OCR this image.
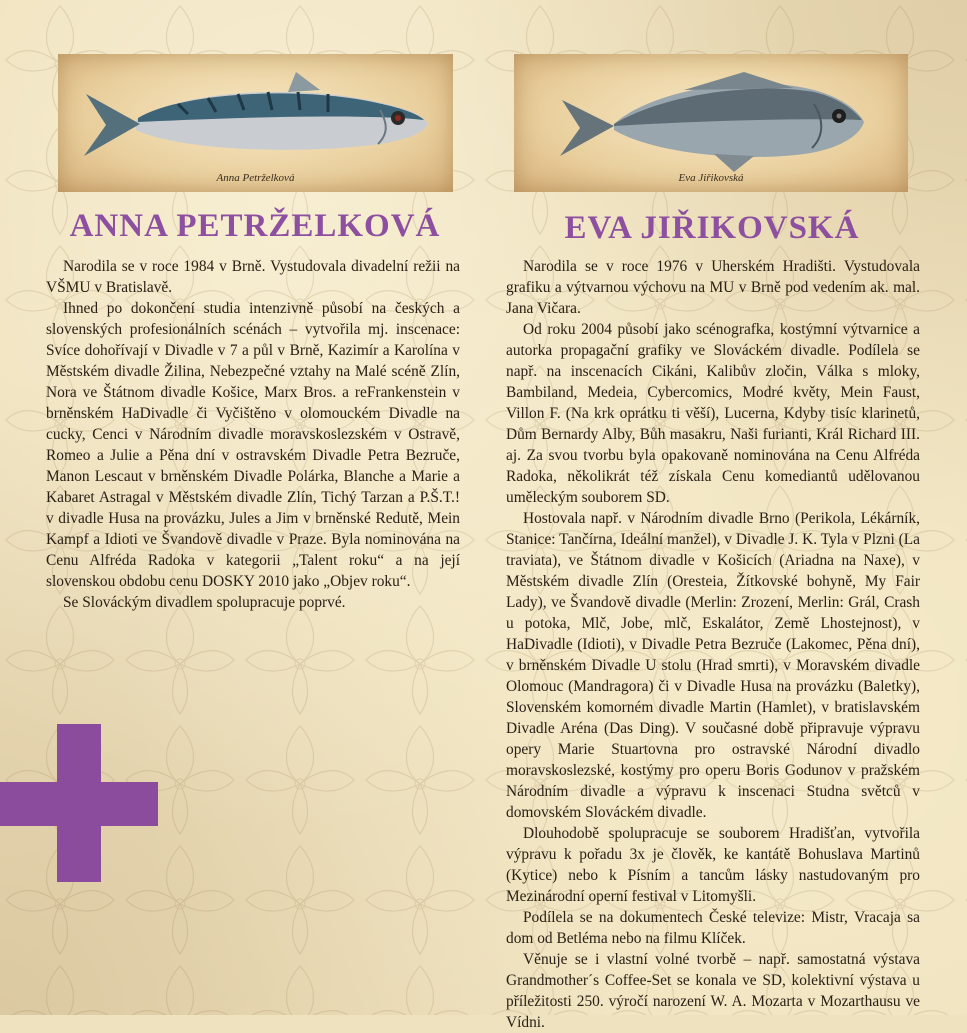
Anna Petrželková	Eva Jiřikovská
ANNA PETRŽELKOVÁ	EVA JIŘIKOVSKÁ

Narodila se v roce 1984 v Brně. Vystudovala divadelní režii na VŠMU v Bratislavě.

Ihned po dokončení studia intenzivně působí na českých a slovenských profesionálních scénách – vytvořila mj. inscenace: Svíce dohořívají v Divadle v 7 a půl v Brně, Kazimír a Karolína v Městském divadle Žilina, Nebezpečné vztahy na Malé scéně Zlín, Nora ve Štátnom divadle Košice, Marx Bros. a reFrankenstein v brněnském HaDivadle či Vyčištěno v olomouckém Divadle na cucky, Cenci v Národním divadle moravskoslezském v Ostravě, Romeo a Julie a Pěna dní v ostravském Divadle Petra Bezruče, Manon Lescaut v brněnském Divadle Polárka, Blanche a Marie a Kabaret Astragal v Městském divadle Zlín, Tichý Tarzan a P.Š.T.! v divadle Husa na provázku, Jules a Jim v brněnské Redutě, Mein Kampf a Idioti ve Švandově divadle v Praze. Byla nominována na Cenu Alfréda Radoka v kategorii „Talent roku“ a na její slovenskou obdobu cenu DOSKY 2010 jako „Objev roku“.

Se Slováckým divadlem spolupracuje poprvé.

Narodila se v roce 1976 v Uherském Hradišti. Vystudovala grafiku a výtvarnou výchovu na MU v Brně pod vedením ak. mal. Jana Vičara.

Od roku 2004 působí jako scénografka, kostýmní výtvarnice a autorka propagační grafiky ve Slováckém divadle. Podílela se např. na inscenacích Cikáni, Kalibův zločin, Válka s mloky, Bambiland, Medeia, Cybercomics, Modré květy, Mein Faust, Villon F. (Na krk oprátku ti věší), Lucerna, Kdyby tisíc klarinetů, Dům Bernardy Alby, Bůh masakru, Naši furianti, Král Richard III. aj. Za svou tvorbu byla opakovaně nominována na Cenu Alfréda Radoka, několikrát též získala Cenu komediantů udělovanou uměleckým souborem SD.

Hostovala např. v Národním divadle Brno (Perikola, Lékárník, Stanice: Tančírna, Ideální manžel), v Divadle J. K. Tyla v Plzni (La traviata), ve Štátnom divadle v Košicích (Ariadna na Naxe), v Městském divadle Zlín (Oresteia, Žítkovské bohyně, My Fair Lady), ve Švandově divadle (Merlin: Zrození, Merlin: Grál, Crash u potoka, Mlč, Jobe, mlč, Eskalátor, Země Lhostejnost), v HaDivadle (Idioti), v Divadle Petra Bezruče (Lakomec, Pěna dní), v brněnském Divadle U stolu (Hrad smrti), v Moravském divadle Olomouc (Mandragora) či v Divadle Husa na provázku (Baletky), Slovenském komorném divadle Martin (Hamlet), v bratislavském Divadle Aréna (Das Ding). V současné době připravuje výpravu opery Marie Stuartovna pro ostravské Národní divadlo moravskoslezské, kostýmy pro operu Boris Godunov v pražském Národním divadle a výpravu k inscenaci Studna světců v domovském Slováckém divadle.

Dlouhodobě spolupracuje se souborem Hradišťan, vytvořila výpravu k pořadu 3x je člověk, ke kantátě Bohuslava Martinů (Kytice) nebo k Písním a tancům lásky nastudovaným pro Mezinárodní operní festival v Litomyšli.

Podílela se na dokumentech České televize: Mistr, Vracaja sa dom od Betléma nebo na filmu Klíček.

Věnuje se i vlastní volné tvorbě – např. samostatná výstava Grandmother´s Coffee-Set se konala ve SD, kolektivní výstava u příležitosti 250. výročí narození W. A. Mozarta v Mozarthausu ve Vídni.
